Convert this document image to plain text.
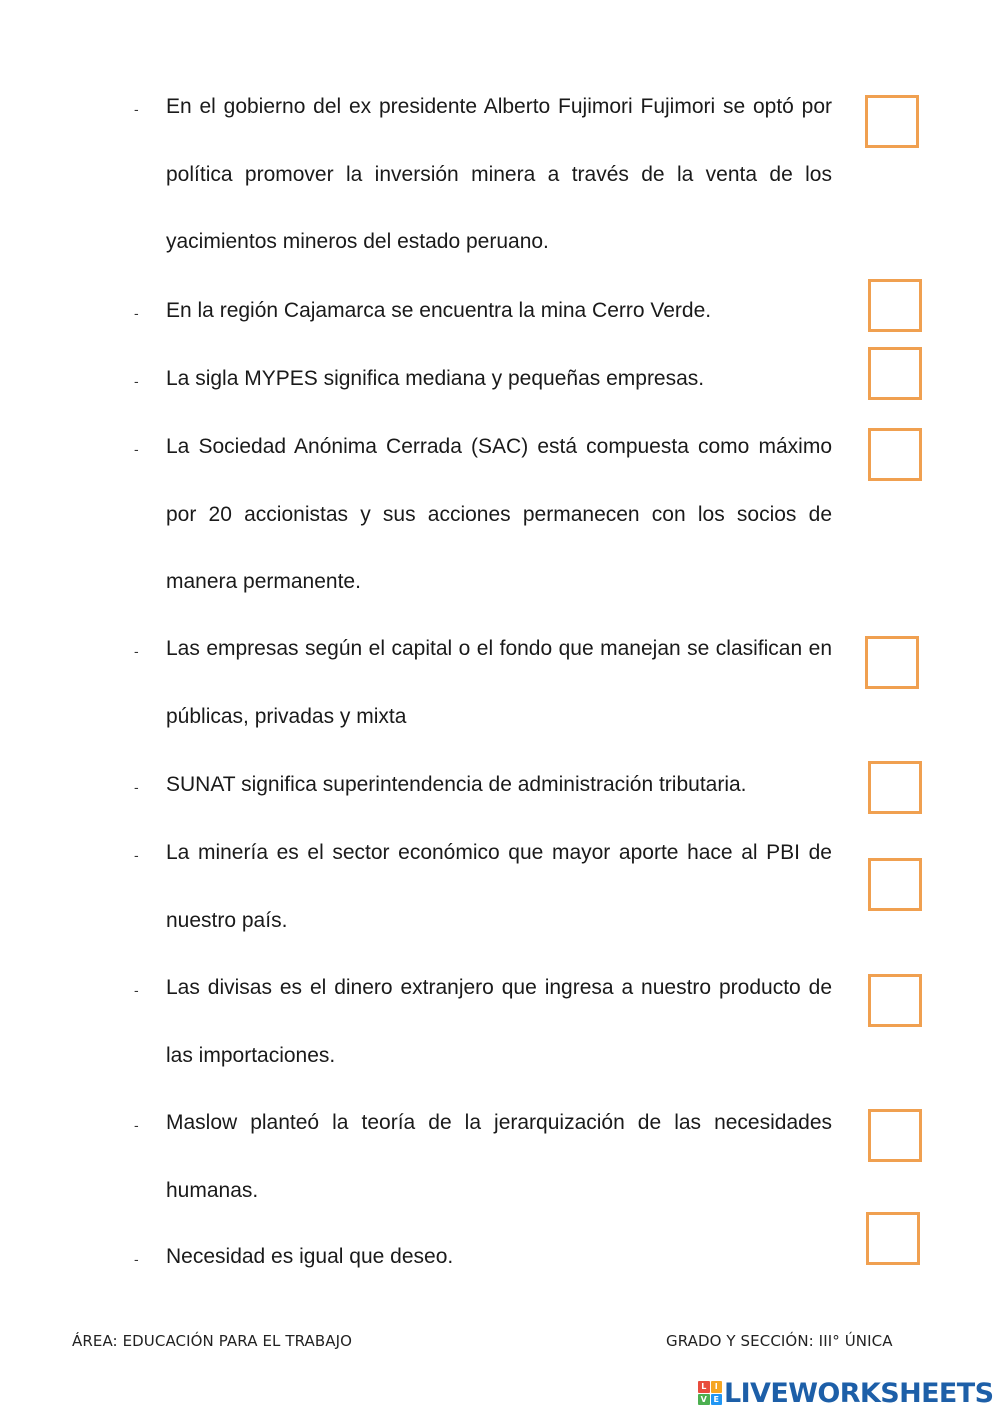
- En el gobierno del ex presidente Alberto Fujimori Fujimori se optó por política promover la inversión minera a través de la venta de los yacimientos mineros del estado peruano.

- En la región Cajamarca se encuentra la mina Cerro Verde.

- La sigla MYPES significa mediana y pequeñas empresas.

- La Sociedad Anónima Cerrada (SAC) está compuesta como máximo por 20 accionistas y sus acciones permanecen con los socios de manera permanente.

- Las empresas según el capital o el fondo que manejan se clasifican en públicas, privadas y mixta

- SUNAT significa superintendencia de administración tributaria.

- La minería es el sector económico que mayor aporte hace al PBI de nuestro país.

- Las divisas es el dinero extranjero que ingresa a nuestro producto de las importaciones.

- Maslow planteó la teoría de la jerarquización de las necesidades humanas.

- Necesidad es igual que deseo.

ÁREA: EDUCACIÓN PARA EL TRABAJO	GRADO Y SECCIÓN: III° ÚNICA
L	I
V E LIVEWORKSHEETS
